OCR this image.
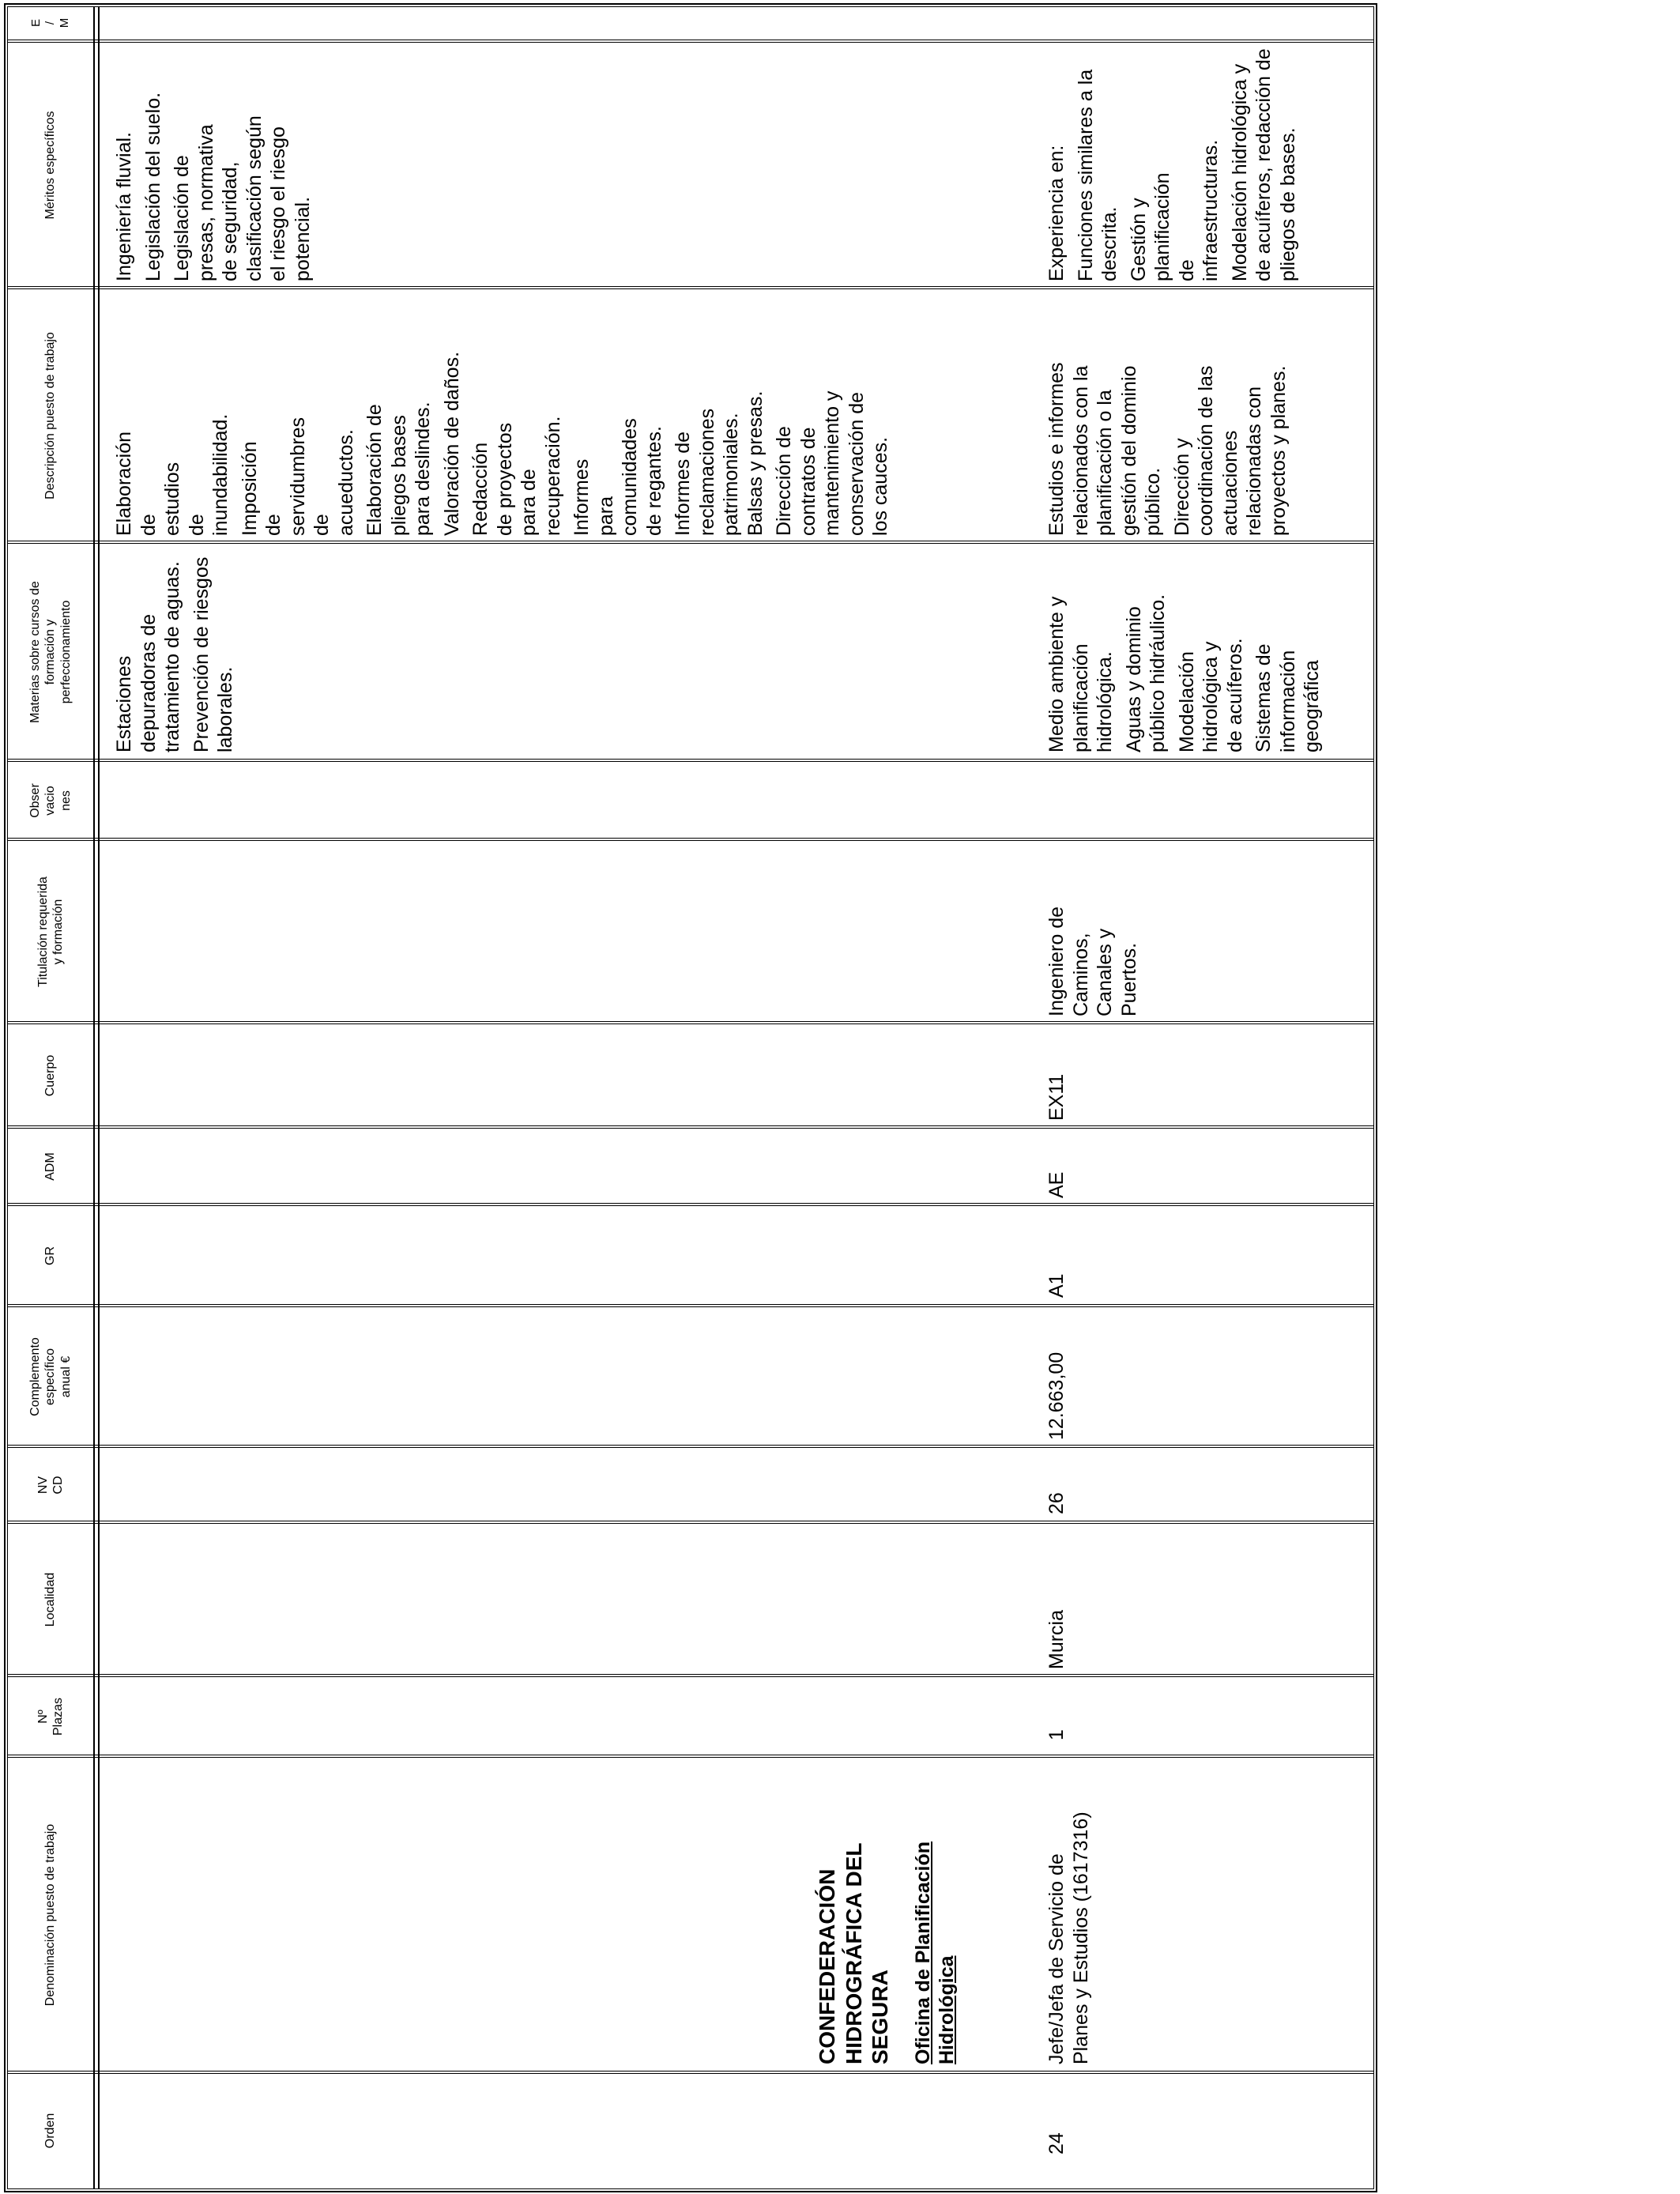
Orden
Denominación puesto de trabajo
Nº
Plazas
Localidad
NV
CD
Complemento
específico
anual €
GR
ADM
Cuerpo
Titulación requerida
y formación
Obser
vacio
nes
Materias sobre cursos de
formación y
perfeccionamiento
Descripción puesto de trabajo
Méritos específicos
E
/
M
Estaciones depuradoras de tratamiento de aguas. Prevención de riesgos laborales.
Elaboración de estudios de inundabilidad. Imposición de servidumbres de acueductos. Elaboración de pliegos bases para deslindes. Valoración de daños. Redacción de proyectos para de recuperación. Informes para comunidades de regantes. Informes de reclamaciones patrimoniales. Balsas y presas. Dirección de contratos de mantenimiento y conservación de los cauces.
Ingeniería fluvial. Legislación del suelo. Legislación de presas, normativa de seguridad, clasificación según el riesgo el riesgo potencial.
CONFEDERACIÓN HIDROGRÁFICA DEL SEGURA Oficina de Planificación Hidrológica
24
Jefe/Jefa de Servicio de Planes y Estudios (1617316)
1
Murcia
26
12.663,00
A1
AE
EX11
Ingeniero de Caminos, Canales y Puertos.
Medio ambiente y planificación hidrológica. Aguas y dominio público hidráulico. Modelación hidrológica y de acuíferos. Sistemas de información geográfica
Estudios e informes relacionados con la planificación o la gestión del dominio público. Dirección y coordinación de las actuaciones relacionadas con proyectos y planes.
Experiencia en: Funciones similares a la descrita. Gestión y planificación de infraestructuras. Modelación hidrológica y de acuíferos, redacción de pliegos de bases.
